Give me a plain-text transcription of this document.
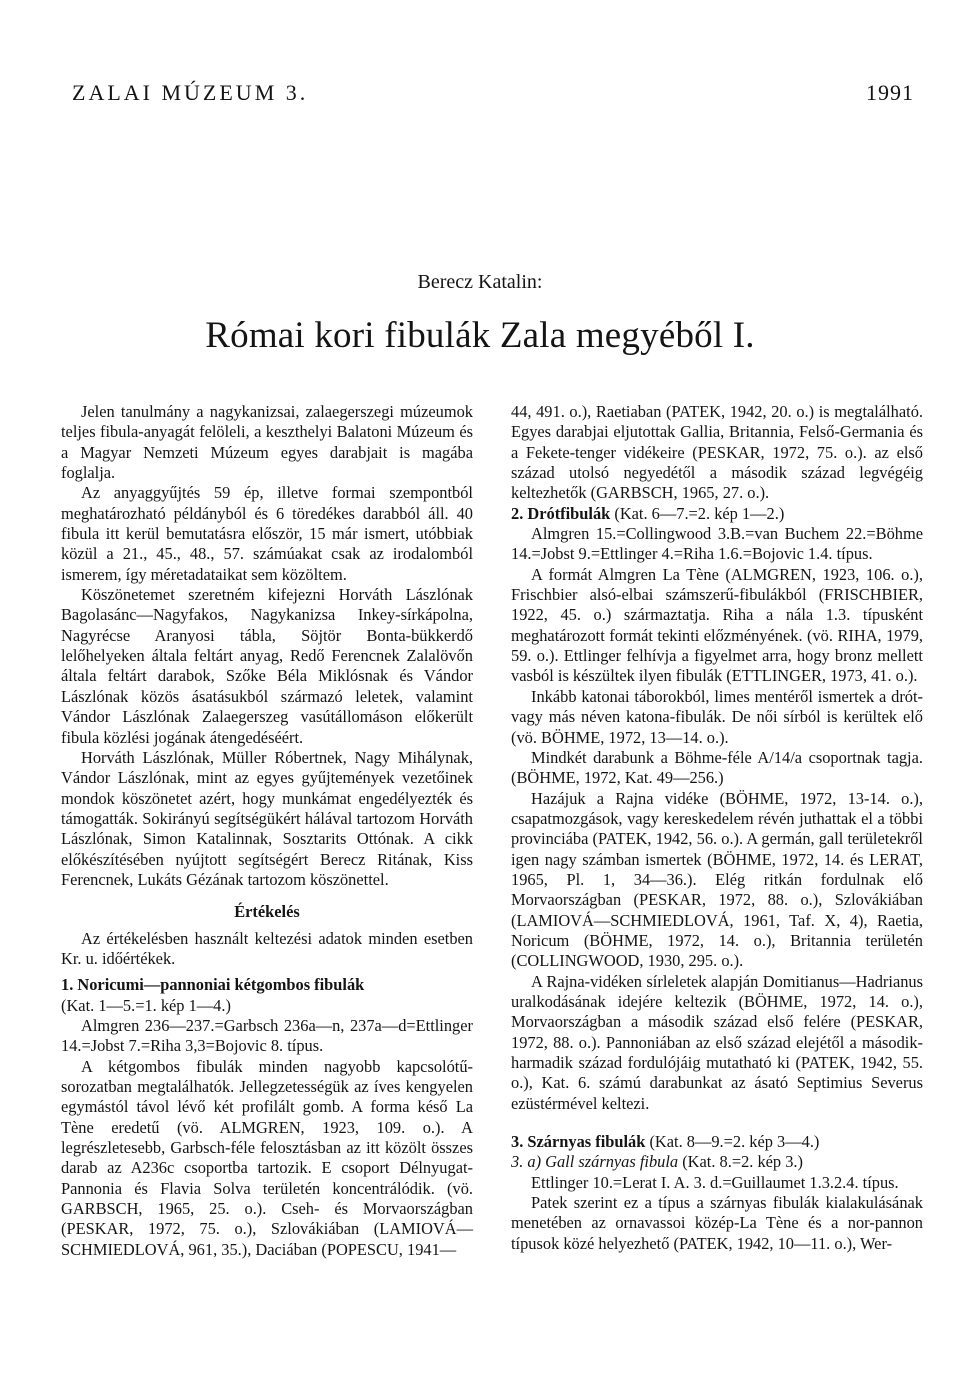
ZALAI MÚZEUM 3.	1991
Berecz Katalin:
Római kori fibulák Zala megyéből I.

Jelen tanulmány a nagykanizsai, zalaegerszegi múzeumok teljes fibula-anyagát felöleli, a keszthelyi Balatoni Múzeum és a Magyar Nemzeti Múzeum egyes darabjait is magába foglalja.

Az anyaggyűjtés 59 ép, illetve formai szempontból meghatározható példányból és 6 töredékes darabból áll. 40 fibula itt kerül bemutatásra először, 15 már ismert, utóbbiak közül a 21., 45., 48., 57. számúakat csak az irodalomból ismerem, így méretadataikat sem közöltem.

Köszönetemet szeretném kifejezni Horváth Lászlónak Bagolasánc—Nagyfakos, Nagykanizsa Inkey-sírkápolna, Nagyrécse Aranyosi tábla, Söjtör Bonta-bükkerdő lelőhelyeken általa feltárt anyag, Redő Ferencnek Zalalövőn általa feltárt darabok, Szőke Béla Miklósnak és Vándor Lászlónak közös ásatásukból származó leletek, valamint Vándor Lászlónak Zalaegerszeg vasútállomáson előkerült fibula közlési jogának átengedéséért.

Horváth Lászlónak, Müller Róbertnek, Nagy Mihálynak, Vándor Lászlónak, mint az egyes gyűjtemények vezetőinek mondok köszönetet azért, hogy munkámat engedélyezték és támogatták. Sokirányú segítségükért hálával tartozom Horváth Lászlónak, Simon Katalinnak, Sosztarits Ottónak. A cikk előkészítésében nyújtott segítségért Berecz Ritának, Kiss Ferencnek, Lukáts Gézának tartozom köszönettel.

Értékelés

Az értékelésben használt keltezési adatok minden esetben Kr. u. időértékek.

1. Noricumi—pannoniai kétgombos fibulák

(Kat. 1—5.=1. kép 1—4.)

Almgren 236—237.=Garbsch 236a—n, 237a—d=Ettlinger 14.=Jobst 7.=Riha 3,3=Bojovic 8. típus.

A kétgombos fibulák minden nagyobb kapcsolótű-sorozatban megtalálhatók. Jellegzetességük az íves kengyelen egymástól távol lévő két profilált gomb. A forma késő La Tène eredetű (vö. ALMGREN, 1923, 109. o.). A legrészletesebb, Garbsch-féle felosztásban az itt közölt összes darab az A236c csoportba tartozik. E csoport Délnyugat-Pannonia és Flavia Solva területén koncentrálódik. (vö. GARBSCH, 1965, 25. o.). Cseh- és Morvaországban (PESKAR, 1972, 75. o.), Szlovákiában (LAMIOVÁ—SCHMIEDLOVÁ, 961, 35.), Daciában (POPESCU, 1941—

44, 491. o.), Raetiaban (PATEK, 1942, 20. o.) is megtalálható. Egyes darabjai eljutottak Gallia, Britannia, Felső-Germania és a Fekete-tenger vidékeire (PESKAR, 1972, 75. o.). az első század utolsó negyedétől a második század legvégéig keltezhetők (GARBSCH, 1965, 27. o.).

2. Drótfibulák (Kat. 6—7.=2. kép 1—2.)

Almgren 15.=Collingwood 3.B.=van Buchem 22.=Böhme 14.=Jobst 9.=Ettlinger 4.=Riha 1.6.=Bojovic 1.4. típus.

A formát Almgren La Tène (ALMGREN, 1923, 106. o.), Frischbier alsó-elbai számszerű-fibulákból (FRISCHBIER, 1922, 45. o.) származtatja. Riha a nála 1.3. típusként meghatározott formát tekinti előzményének. (vö. RIHA, 1979, 59. o.). Ettlinger felhívja a figyelmet arra, hogy bronz mellett vasból is készültek ilyen fibulák (ETTLINGER, 1973, 41. o.).

Inkább katonai táborokból, limes mentéről ismertek a drót- vagy más néven katona-fibulák. De női sírból is kerültek elő (vö. BÖHME, 1972, 13—14. o.).

Mindkét darabunk a Böhme-féle A/14/a csoportnak tagja. (BÖHME, 1972, Kat. 49—256.)

Hazájuk a Rajna vidéke (BÖHME, 1972, 13-14. o.), csapatmozgások, vagy kereskedelem révén juthattak el a többi provinciába (PATEK, 1942, 56. o.). A germán, gall területekről igen nagy számban ismertek (BÖHME, 1972, 14. és LERAT, 1965, Pl. 1, 34—36.). Elég ritkán fordulnak elő Morvaországban (PESKAR, 1972, 88. o.), Szlovákiában (LAMIOVÁ—SCHMIEDLOVÁ, 1961, Taf. X, 4), Raetia, Noricum (BÖHME, 1972, 14. o.), Britannia területén (COLLINGWOOD, 1930, 295. o.).

A Rajna-vidéken sírleletek alapján Domitianus—Hadrianus uralkodásának idejére keltezik (BÖHME, 1972, 14. o.), Morvaországban a második század első felére (PESKAR, 1972, 88. o.). Pannoniában az első század elejétől a második-harmadik század fordulójáig mutatható ki (PATEK, 1942, 55. o.), Kat. 6. számú darabunkat az ásató Septimius Severus ezüstérmével keltezi.

3. Szárnyas fibulák (Kat. 8—9.=2. kép 3—4.)

3. a) Gall szárnyas fibula (Kat. 8.=2. kép 3.)

Ettlinger 10.=Lerat I. A. 3. d.=Guillaumet 1.3.2.4. típus.

Patek szerint ez a típus a szárnyas fibulák kialakulásának menetében az ornavassoi közép-La Tène és a nor-pannon típusok közé helyezhető (PATEK, 1942, 10—11. o.), Wer-
